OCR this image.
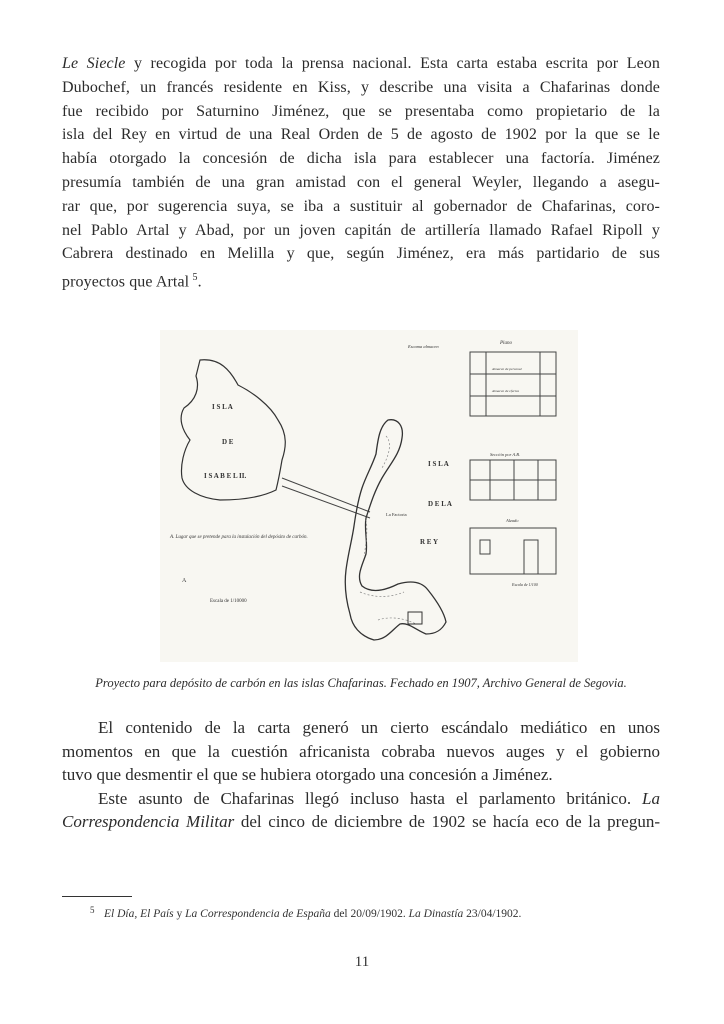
Le Siecle y recogida por toda la prensa nacional. Esta carta estaba escrita por Leon
Dubochef, un francés residente en Kiss, y describe una visita a Chafarinas donde
fue recibido por Saturnino Jiménez, que se presentaba como propietario de la
isla del Rey en virtud de una Real Orden de 5 de agosto de 1902 por la que se le
había otorgado la concesión de dicha isla para establecer una factoría. Jiménez
presumía también de una gran amistad con el general Weyler, llegando a asegu-
rar que, por sugerencia suya, se iba a sustituir al gobernador de Chafarinas, coro-
nel Pablo Artal y Abad, por un joven capitán de artillería llamado Rafael Ripoll y
Cabrera destinado en Melilla y que, según Jiménez, era más partidario de sus
proyectos que Artal  $^5$.
I S L A
D E
I S A B E L II.
I S L A
D E L A
R E Y
La Factoria
A. Lugar que se pretende para la instalación del depósito de carbón.
A
Escala de 1/10000
Escama almacen
Plano
Almacen de personal
Almacen de efectos
Sección por A.B.
Alzado
Escala de 1/100
Proyecto para depósito de carbón en las islas Chafarinas. Fechado en 1907, Archivo General de Segovia.
El contenido de la carta generó un cierto escándalo mediático en unos
momentos en que la cuestión africanista cobraba nuevos auges y el gobierno
tuvo que desmentir el que se hubiera otorgado una concesión a Jiménez.
Este asunto de Chafarinas llegó incluso hasta el parlamento británico. La
Correspondencia Militar del cinco de diciembre de 1902 se hacía eco de la pregun-
5 El Día, El País y La Correspondencia de España del 20/09/1902. La Dinastía 23/04/1902.
11
